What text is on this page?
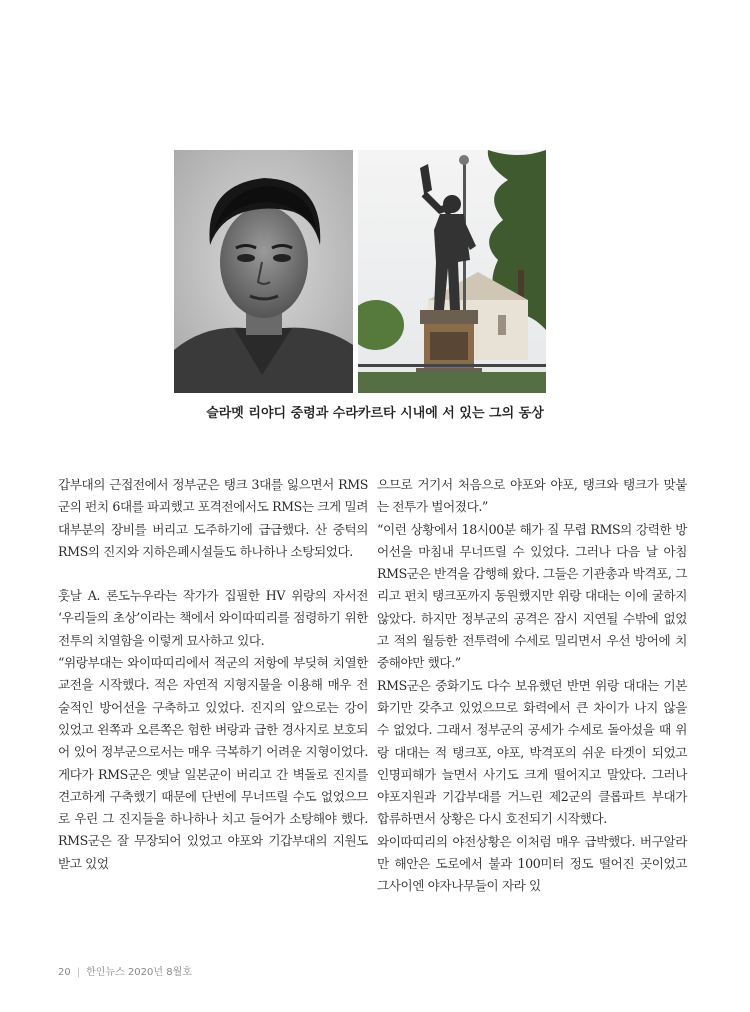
슬라멧 리야디 중령과 수라카르타 시내에 서 있는 그의 동상

갑부대의 근접전에서 정부군은 탱크 3대를 잃으면서 RMS군의 펀치 6대를 파괴했고 포격전에서도 RMS는 크게 밀려 대부분의 장비를 버리고 도주하기에 급급했다. 산 중턱의 RMS의 진지와 지하은폐시설들도 하나하나 소탕되었다.

훗날 A. 론도누우라는 작가가 집필한 HV 위랑의 자서전 ‘우리들의 초상’이라는 책에서 와이따띠리를 점령하기 위한 전투의 치열함을 이렇게 묘사하고 있다.

“위랑부대는 와이따띠리에서 적군의 저항에 부딪혀 치열한 교전을 시작했다. 적은 자연적 지형지물을 이용해 매우 전술적인 방어선을 구축하고 있었다. 진지의 앞으로는 강이 있었고 왼쪽과 오른쪽은 험한 벼랑과 급한 경사지로 보호되어 있어 정부군으로서는 매우 극복하기 어려운 지형이었다. 게다가 RMS군은 옛날 일본군이 버리고 간 벽돌로 진지를 견고하게 구축했기 때문에 단번에 무너뜨릴 수도 없었으므로 우린 그 진지들을 하나하나 치고 들어가 소탕해야 했다. RMS군은 잘 무장되어 있었고 야포와 기갑부대의 지원도 받고 있었

으므로 거기서 처음으로 야포와 야포, 탱크와 탱크가 맞붙는 전투가 벌어졌다.”

“이런 상황에서 18시00분 해가 질 무렵 RMS의 강력한 방어선을 마침내 무너뜨릴 수 있었다. 그러나 다음 날 아침 RMS군은 반격을 감행해 왔다. 그들은 기관총과 박격포, 그리고 펀치 탱크포까지 동원했지만 위랑 대대는 이에 굴하지 않았다. 하지만 정부군의 공격은 잠시 지연될 수밖에 없었고 적의 월등한 전투력에 수세로 밀리면서 우선 방어에 치중해야만 했다.”

RMS군은 중화기도 다수 보유했던 반면 위랑 대대는 기본화기만 갖추고 있었으므로 화력에서 큰 차이가 나지 않을 수 없었다. 그래서 정부군의 공세가 수세로 돌아섰을 때 위랑 대대는 적 탱크포, 야포, 박격포의 쉬운 타겟이 되었고 인명피해가 늘면서 사기도 크게 떨어지고 말았다. 그러나 야포지원과 기갑부대를 거느린 제2군의 클롭파트 부대가 합류하면서 상황은 다시 호전되기 시작했다.

와이따띠리의 야전상황은 이처럼 매우 급박했다. 버구알라만 해안은 도로에서 불과 100미터 정도 떨어진 곳이었고 그사이엔 야자나무들이 자라 있

20 | 한인뉴스 2020년 8월호
